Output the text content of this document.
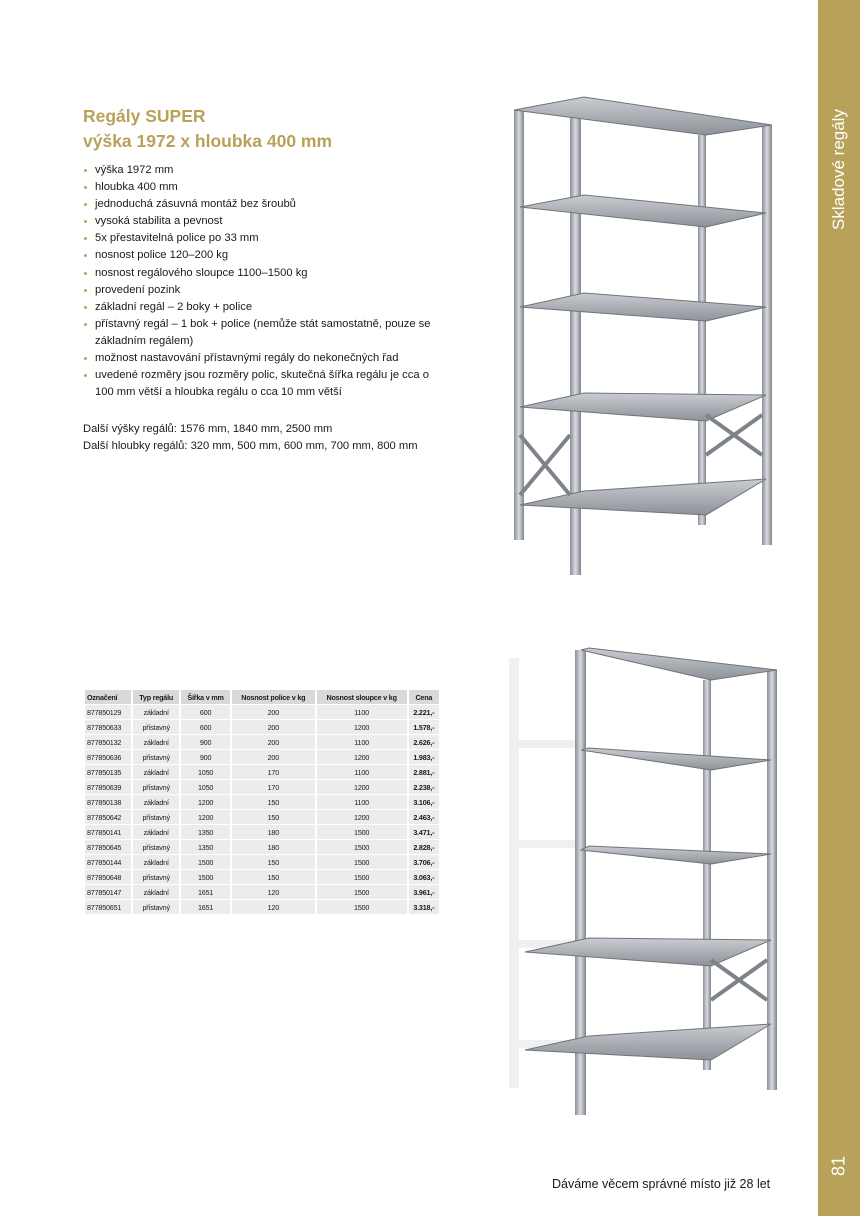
Skladové regály
81
Regály SUPER
výška 1972 x hloubka 400 mm
výška 1972 mm
hloubka 400 mm
jednoduchá zásuvná montáž bez šroubů
vysoká stabilita a pevnost
5x přestavitelná police po 33 mm
nosnost police 120–200 kg
nosnost regálového sloupce 1100–1500 kg
provedení pozink
základní regál – 2 boky + police
přístavný regál – 1 bok + police (nemůže stát samostatně, pouze se základním regálem)
možnost nastavování přístavnými regály do nekonečných řad
uvedené rozměry jsou rozměry polic, skutečná šířka regálu je cca o 100 mm větší a hloubka regálu o cca 10 mm větší
Další výšky regálů: 1576 mm, 1840 mm, 2500 mm
Další hloubky regálů: 320 mm, 500 mm, 600 mm, 700 mm, 800 mm
Označení	Typ regálu	Šířka v mm	Nosnost police v kg	Nosnost sloupce v kg	Cena
877850129	základní	600	200	1100	2.221,-
877850633	přístavný	600	200	1200	1.578,-
877850132	základní	900	200	1100	2.626,-
877850636	přístavný	900	200	1200	1.983,-
877850135	základní	1050	170	1100	2.881,-
877850639	přístavný	1050	170	1200	2.238,-
877850138	základní	1200	150	1100	3.106,-
877850642	přístavný	1200	150	1200	2.463,-
877850141	základní	1350	180	1500	3.471,-
877850645	přístavný	1350	180	1500	2.828,-
877850144	základní	1500	150	1500	3.706,-
877850648	přístavný	1500	150	1500	3.063,-
877850147	základní	1651	120	1500	3.961,-
877850651	přístavný	1651	120	1500	3.318,-
Dáváme věcem správné místo již 28 let
